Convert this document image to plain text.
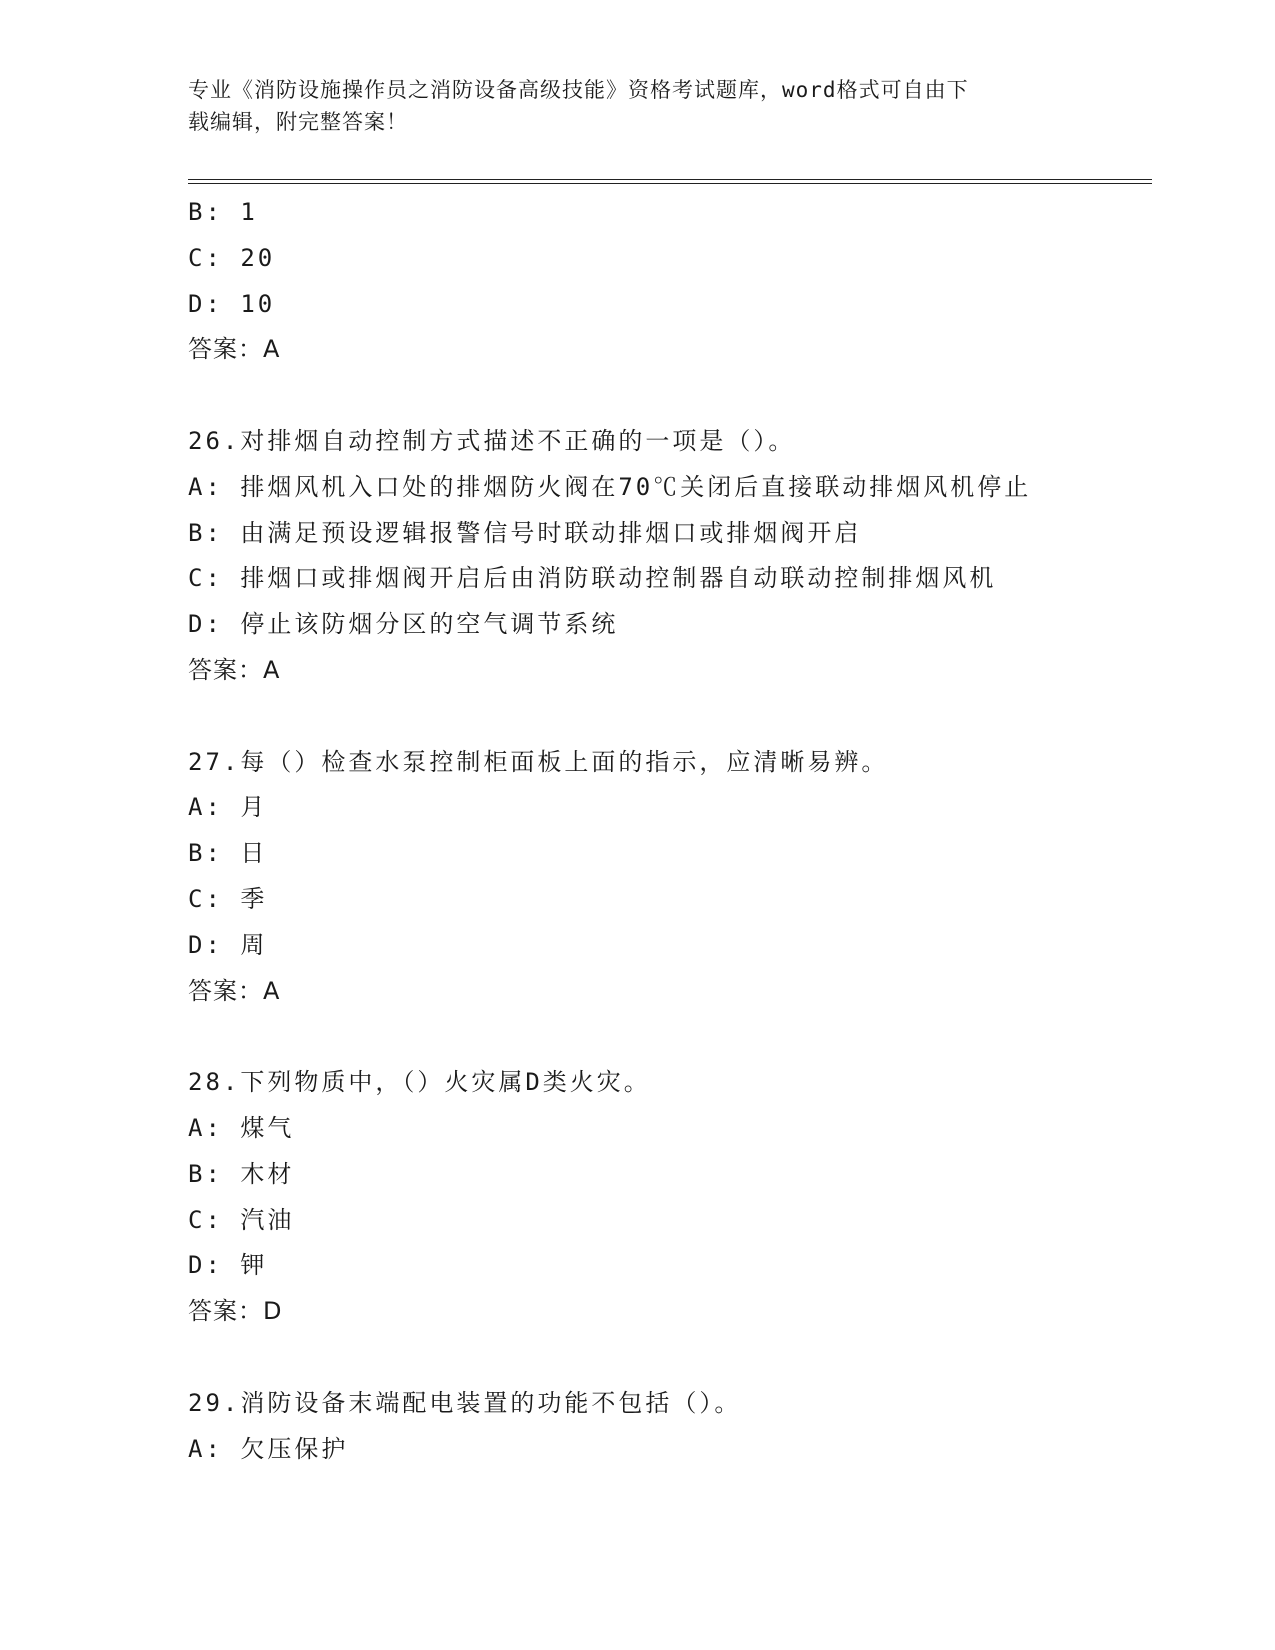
专业《消防设施操作员之消防设备高级技能》资格考试题库，word格式可自由下
载编辑，附完整答案！
B: 1
C: 20
D: 10
答案：A
26.对排烟自动控制方式描述不正确的一项是（）。
A: 排烟风机入口处的排烟防火阀在70℃关闭后直接联动排烟风机停止
B: 由满足预设逻辑报警信号时联动排烟口或排烟阀开启
C: 排烟口或排烟阀开启后由消防联动控制器自动联动控制排烟风机
D: 停止该防烟分区的空气调节系统
答案：A
27.每（）检查水泵控制柜面板上面的指示，应清晰易辨。
A: 月
B: 日
C: 季
D: 周
答案：A
28.下列物质中，（）火灾属D类火灾。
A: 煤气
B: 木材
C: 汽油
D: 钾
答案：D
29.消防设备末端配电装置的功能不包括（）。
A: 欠压保护
